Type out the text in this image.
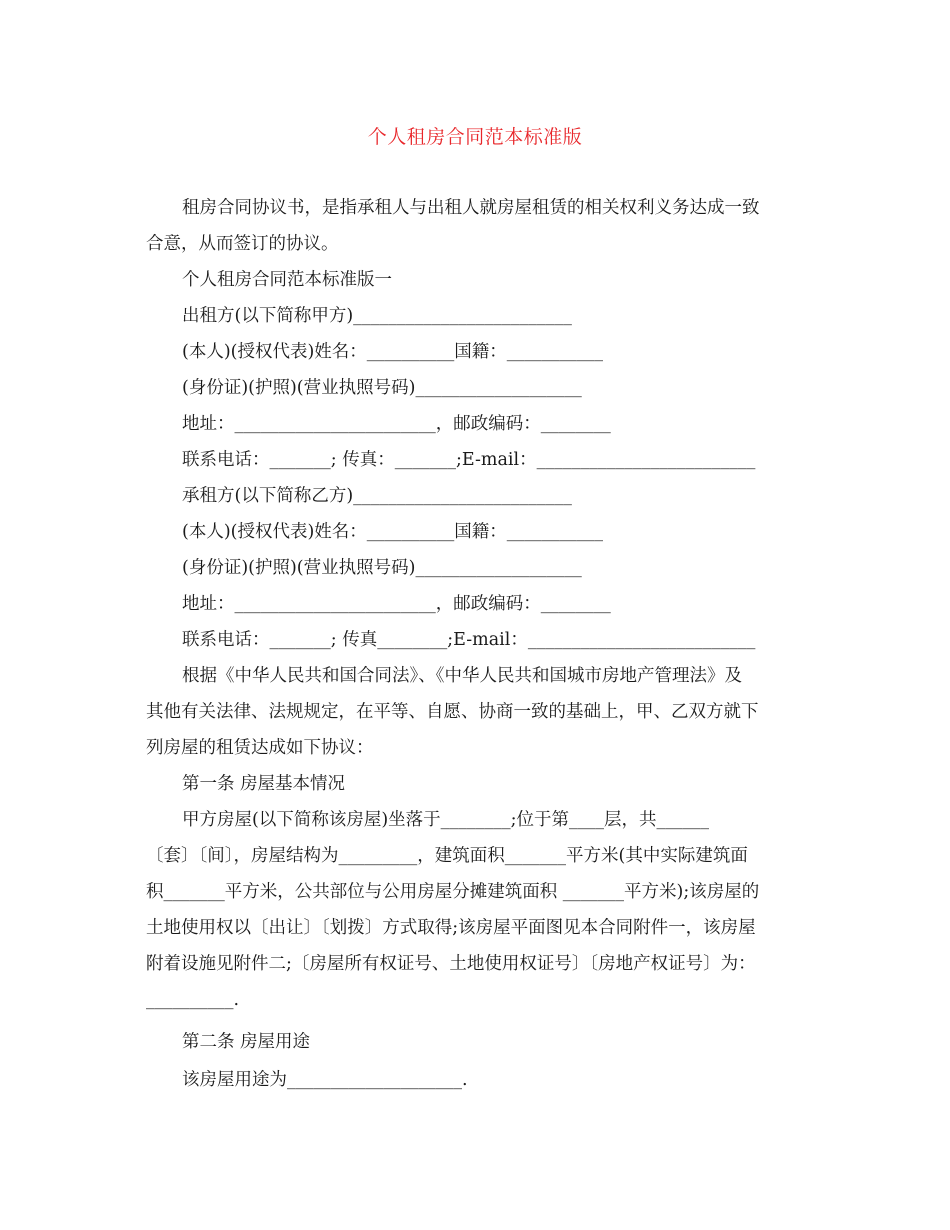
个人租房合同范本标准版
租房合同协议书，是指承租人与出租人就房屋租赁的相关权利义务达成一致
合意，从而签订的协议。
个人租房合同范本标准版一
出租方(以下简称甲方)_________________________
(本人)(授权代表)姓名：__________国籍：___________
(身份证)(护照)(营业执照号码)___________________
地址：_______________________，邮政编码：________
联系电话：_______; 传真：_______;E-mail：_________________________
承租方(以下简称乙方)_________________________
(本人)(授权代表)姓名：__________国籍：___________
(身份证)(护照)(营业执照号码)___________________
地址：_______________________，邮政编码：________
联系电话：_______; 传真________;E-mail：__________________________
根据《中华人民共和国合同法》、《中华人民共和国城市房地产管理法》及
其他有关法律、法规规定，在平等、自愿、协商一致的基础上，甲、乙双方就下
列房屋的租赁达成如下协议：
第一条 房屋基本情况
甲方房屋(以下简称该房屋)坐落于________;位于第____层，共______
〔套〕〔间〕，房屋结构为_________，建筑面积_______平方米(其中实际建筑面
积_______平方米，公共部位与公用房屋分摊建筑面积 _______平方米);该房屋的
土地使用权以〔出让〕〔划拨〕方式取得;该房屋平面图见本合同附件一，该房屋
附着设施见附件二;〔房屋所有权证号、土地使用权证号〕〔房地产权证号〕为：
__________.
第二条 房屋用途
该房屋用途为____________________.
